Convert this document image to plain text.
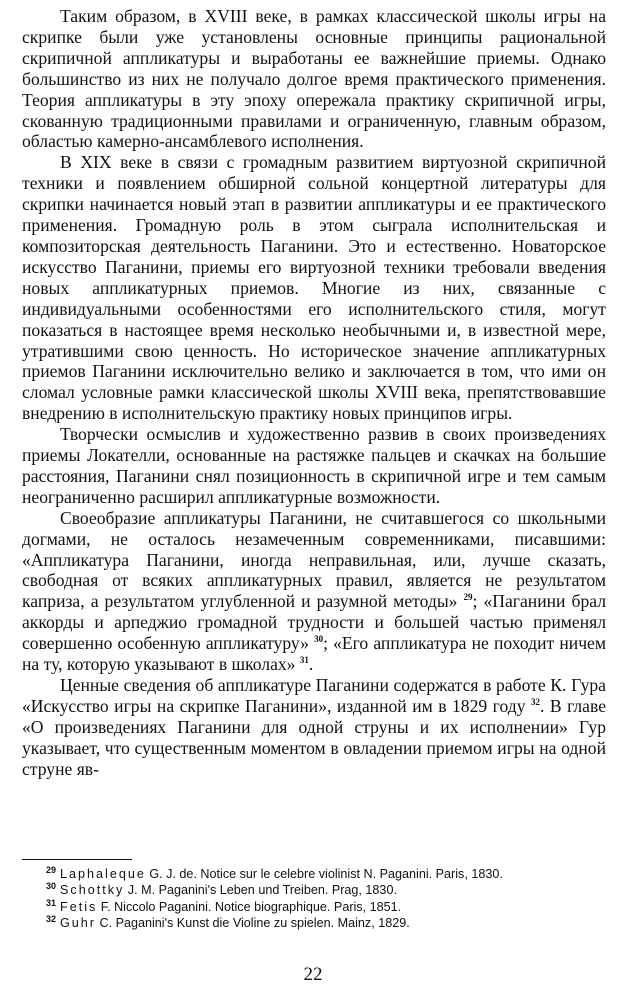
Таким образом, в XVIII веке, в рамках классической школы игры на скрипке были уже установлены основные принципы рациональной скрипичной аппликатуры и выработаны ее важнейшие приемы. Однако большинство из них не получало долгое время практического применения. Теория аппликатуры в эту эпоху опережала практику скрипичной игры, скованную традиционными правилами и ограниченную, главным образом, областью камерно-ансамблевого исполнения.

В XIX веке в связи с громадным развитием виртуозной скрипичной техники и появлением обширной сольной концертной литературы для скрипки начинается новый этап в развитии аппликатуры и ее практического применения. Громадную роль в этом сыграла исполнительская и композиторская деятельность Паганини. Это и естественно. Новаторское искусство Паганини, приемы его виртуозной техники требовали введения новых аппликатурных приемов. Многие из них, связанные с индивидуальными особенностями его исполнительского стиля, могут показаться в настоящее время несколько необычными и, в известной мере, утратившими свою ценность. Но историческое значение аппликатурных приемов Паганини исключительно велико и заключается в том, что ими он сломал условные рамки классической школы XVIII века, препятствовавшие внедрению в исполнительскую практику новых принципов игры.

Творчески осмыслив и художественно развив в своих произведениях приемы Локателли, основанные на растяжке пальцев и скачках на большие расстояния, Паганини снял позиционность в скрипичной игре и тем самым неограниченно расширил аппликатурные возможности.

Своеобразие аппликатуры Паганини, не считавшегося со школьными догмами, не осталось незамеченным современниками, писавшими: «Аппликатура Паганини, иногда неправильная, или, лучше сказать, свободная от всяких аппликатурных правил, является не результатом каприза, а результатом углубленной и разумной методы» $^{29}$; «Паганини брал аккорды и арпеджио громадной трудности и большей частью применял совершенно особенную аппликатуру» $^{30}$; «Его аппликатура не походит ничем на ту, которую указывают в школах» $^{31}$.

Ценные сведения об аппликатуре Паганини содержатся в работе К. Гура «Искусство игры на скрипке Паганини», изданной им в 1829 году $^{32}$. В главе «О произведениях Паганини для одной струны и их исполнении» Гур указывает, что существенным моментом в овладении приемом игры на одной струне яв-

$^{29}$ Laphaleque G. J. de. Notice sur le celebre violinist N. Paganini. Paris, 1830.

$^{30}$ Schottky J. M. Paganini's Leben und Treiben. Prag, 1830.

$^{31}$ Fetis F. Niccolo Paganini. Notice biographique. Paris, 1851.

$^{32}$ Guhr C. Paganini's Kunst die Violine zu spielen. Mainz, 1829.

22
